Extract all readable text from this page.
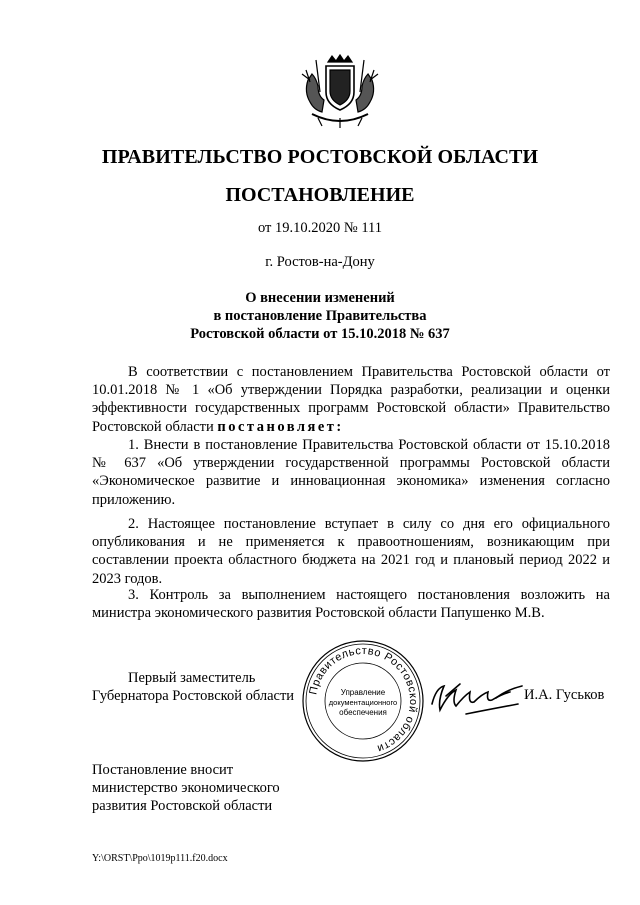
ПРАВИТЕЛЬСТВО РОСТОВСКОЙ ОБЛАСТИ
ПОСТАНОВЛЕНИЕ
от 19.10.2020 № 111
г. Ростов-на-Дону
О внесении изменений
в постановление Правительства
Ростовской области от 15.10.2018 № 637
В соответствии с постановлением Правительства Ростовской области от 10.01.2018 № 1 «Об утверждении Порядка разработки, реализации и оценки эффективности государственных программ Ростовской области» Правительство Ростовской области постановляет:
1. Внести в постановление Правительства Ростовской области от 15.10.2018 № 637 «Об утверждении государственной программы Ростовской области «Экономическое развитие и инновационная экономика» изменения согласно приложению.
2. Настоящее постановление вступает в силу со дня его официального опубликования и не применяется к правоотношениям, возникающим при составлении проекта областного бюджета на 2021 год и плановый период 2022 и 2023 годов.
3. Контроль за выполнением настоящего постановления возложить на министра экономического развития Ростовской области Папушенко М.В.
Первый заместитель
Губернатора Ростовской области	Правительство Ростовской области
Управление
документационного
обеспечения
И.А. Гуськов
Постановление вносит
министерство экономического
развития Ростовской области
Y:\ORST\Ppo\1019p111.f20.docx
